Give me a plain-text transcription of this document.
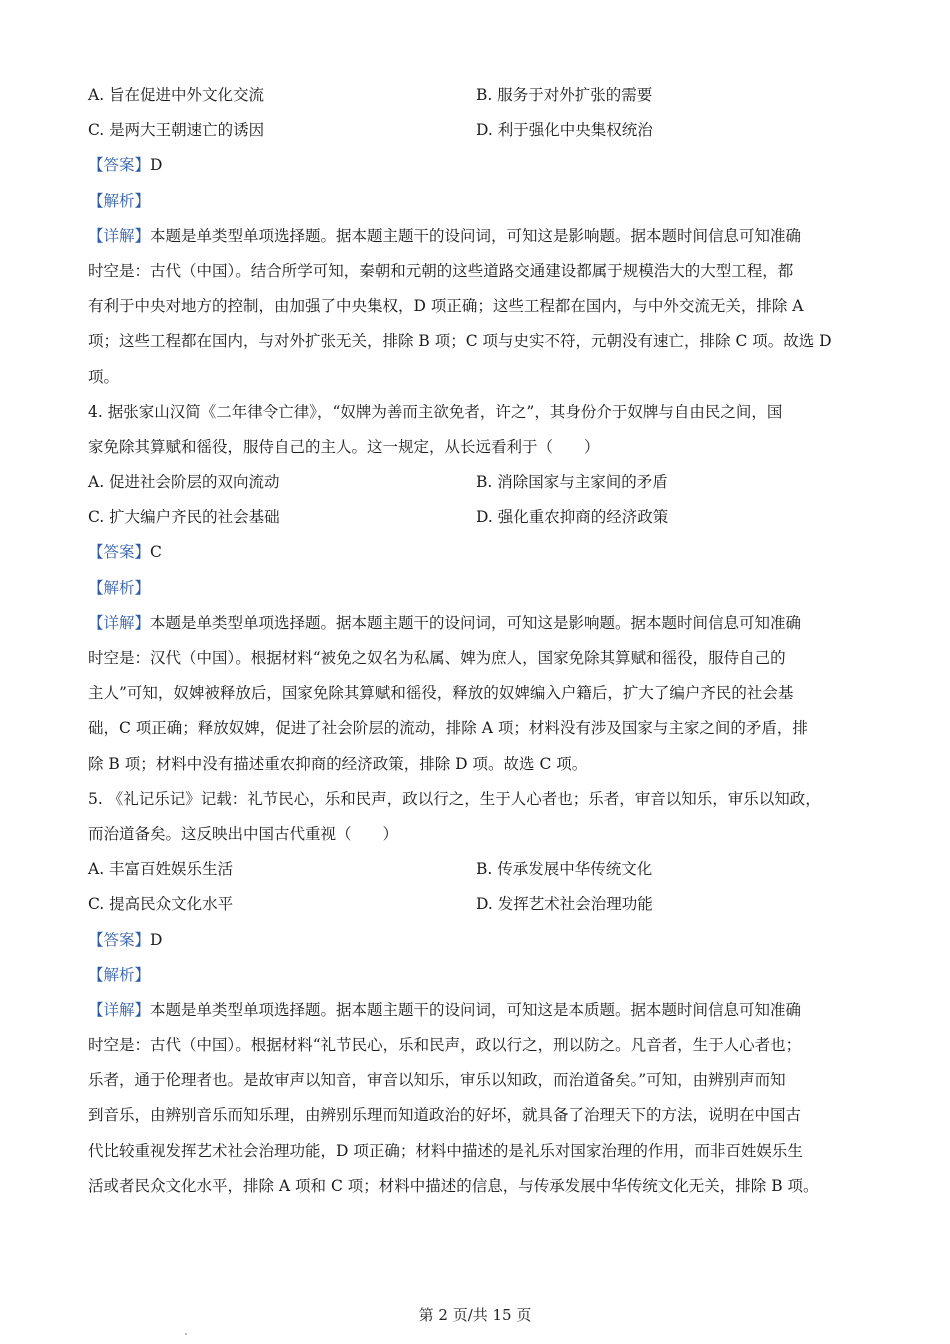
A. 旨在促进中外文化交流	B. 服务于对外扩张的需要
C. 是两大王朝速亡的诱因	D. 利于强化中央集权统治
【答案】 D
【解析】
【详解】本题是单类型单项选择题。据本题主题干的设问词，可知这是影响题。据本题时间信息可知准确
时空是：古代（中国）。结合所学可知，秦朝和元朝的这些道路交通建设都属于规模浩大的大型工程，都
有利于中央对地方的控制，由加强了中央集权，D 项正确；这些工程都在国内，与中外交流无关，排除 A
项；这些工程都在国内，与对外扩张无关，排除 B 项；C 项与史实不符，元朝没有速亡，排除 C 项。故选 D
项。
4. 据张家山汉简《二年律令亡律》，“奴牌为善而主欲免者，许之”，其身份介于奴牌与自由民之间，国
家免除其算赋和徭役，服侍自己的主人。这一规定，从长远看利于（　　）
A. 促进社会阶层的双向流动	B. 消除国家与主家间的矛盾
C. 扩大编户齐民的社会基础	D. 强化重农抑商的经济政策
【答案】 C
【解析】
【详解】本题是单类型单项选择题。据本题主题干的设问词，可知这是影响题。据本题时间信息可知准确
时空是：汉代（中国）。根据材料“被免之奴名为私属、婢为庶人，国家免除其算赋和徭役，服侍自己的
主人”可知，奴婢被释放后，国家免除其算赋和徭役，释放的奴婢编入户籍后，扩大了编户齐民的社会基
础，C 项正确；释放奴婢，促进了社会阶层的流动，排除 A 项；材料没有涉及国家与主家之间的矛盾，排
除 B 项；材料中没有描述重农抑商的经济政策，排除 D 项。故选 C 项。
5. 《礼记乐记》记载：礼节民心，乐和民声，政以行之，生于人心者也；乐者，审音以知乐，审乐以知政，
而治道备矣。这反映出中国古代重视（　　）
A. 丰富百姓娱乐生活	B. 传承发展中华传统文化
C. 提高民众文化水平	D. 发挥艺术社会治理功能
【答案】 D
【解析】
【详解】本题是单类型单项选择题。据本题主题干的设问词，可知这是本质题。据本题时间信息可知准确
时空是：古代（中国）。根据材料“礼节民心，乐和民声，政以行之，刑以防之。凡音者，生于人心者也；
乐者，通于伦理者也。是故审声以知音，审音以知乐，审乐以知政，而治道备矣。”可知，由辨别声而知
到音乐，由辨别音乐而知乐理，由辨别乐理而知道政治的好坏，就具备了治理天下的方法，说明在中国古
代比较重视发挥艺术社会治理功能，D 项正确；材料中描述的是礼乐对国家治理的作用，而非百姓娱乐生
活或者民众文化水平，排除 A 项和 C 项；材料中描述的信息，与传承发展中华传统文化无关，排除 B 项。
第 2 页/共 15 页
